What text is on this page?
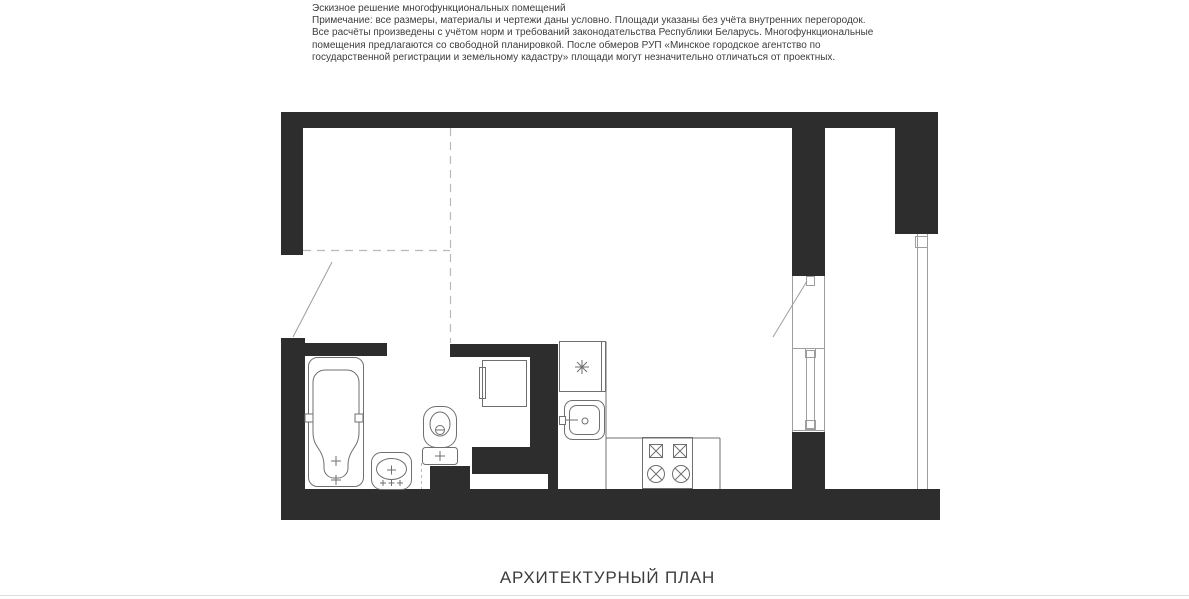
Эскизное решение многофункциональных помещений
Примечание: все размеры, материалы и чертежи даны условно. Площади указаны без учёта внутренних перегородок.
Все расчёты произведены с учётом норм и требований законодательства Республики Беларусь. Многофункциональные
помещения предлагаются со свободной планировкой. После обмеров РУП «Минское городское агентство по
государственной регистрации и земельному кадастру» площади могут незначительно отличаться от проектных.
АРХИТЕКТУРНЫЙ ПЛАН
